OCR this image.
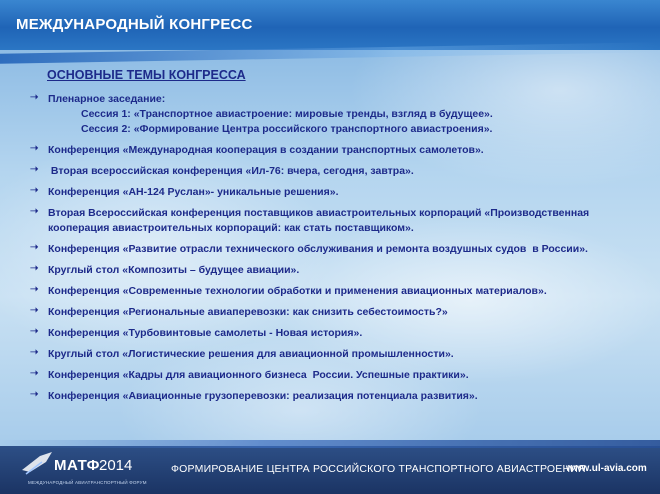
МЕЖДУНАРОДНЫЙ КОНГРЕСС
ОСНОВНЫЕ ТЕМЫ КОНГРЕССА
➝ Пленарное заседание:
Сессия 1: «Транспортное авиастроение: мировые тренды, взгляд в будущее».
Сессия 2: «Формирование Центра российского транспортного авиастроения».
➝ Конференция «Международная кооперация в создании транспортных самолетов».
➝ Вторая всероссийская конференция «Ил-76: вчера, сегодня, завтра».
➝ Конференция «АН-124 Руслан»- уникальные решения».
➝ Вторая Всероссийская конференция поставщиков авиастроительных корпораций «Производственная кооперация авиастроительных корпораций: как стать поставщиком».
➝ Конференция «Развитие отрасли технического обслуживания и ремонта воздушных судов  в России».
➝ Круглый стол «Композиты – будущее авиации».
➝ Конференция «Современные технологии обработки и применения авиационных материалов».
➝ Конференция «Региональные авиаперевозки: как снизить себестоимость?»
➝ Конференция «Турбовинтовые самолеты - Новая история».
➝ Круглый стол «Логистические решения для авиационной промышленности».
➝ Конференция «Кадры для авиационного бизнеса  России. Успешные практики».
➝ Конференция «Авиационные грузоперевозки: реализация потенциала развития».
МАТФ 2014
МЕЖДУНАРОДНЫЙ АВИАТРАНСПОРТНЫЙ ФОРУМ
ФОРМИРОВАНИЕ ЦЕНТРА РОССИЙСКОГО ТРАНСПОРТНОГО АВИАСТРОЕНИЯ
www.ul-avia.com
